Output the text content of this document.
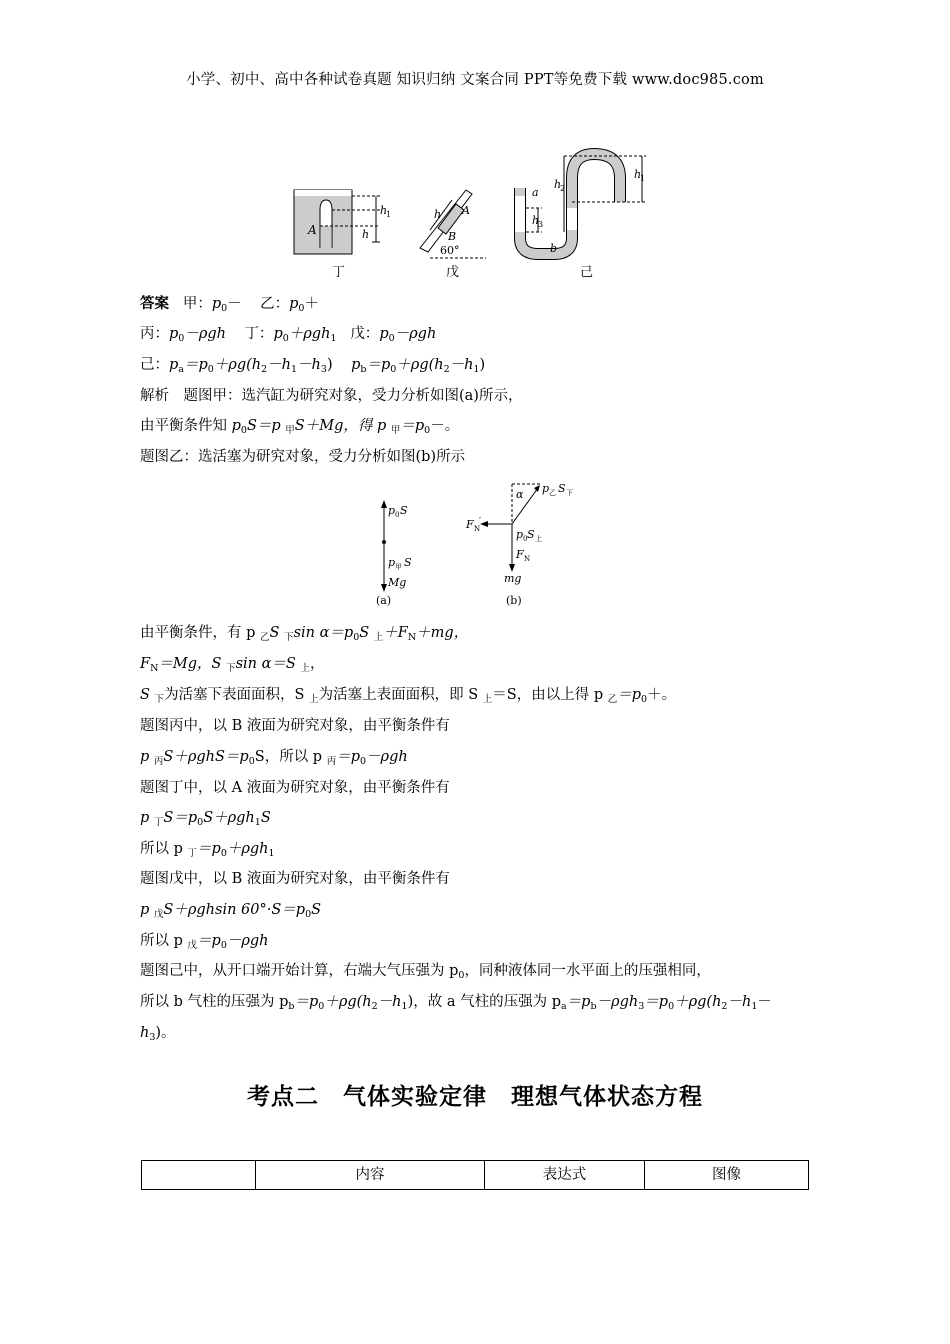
小学、初中、高中各种试卷真题 知识归纳 文案合同 PPT等免费下载 www.doc985.com
A
h
1
h
丁
h A
B
60°
戊
a
b
h
2
h
3
h
1
己
答案 甲：$p_0-$ 乙：$p_0+$
丙：$p_0-\rho gh$ 丁：$p_0+\rho gh_1$ 戊：$p_0-\rho gh$
己：$p_a=p_0+\rho g(h_2-h_1-h_3)$ $p_b=p_0+\rho g(h_2-h_1)$
解析　题图甲：选汽缸为研究对象，受力分析如图(a)所示，
由平衡条件知 $p_0S=p$ $_甲$S＋Mg，得 p $_甲=p_0-$。
题图乙：选活塞为研究对象，受力分析如图(b)所示
p 0 S
p 甲 S
Mg
(a)
F N
′
α p 乙 S 下
p 0 S 上
F N
mg
(b)
由平衡条件，有 p $_乙$S $_下$sin $\alpha=p_0S$ $_上+F_N+mg$，
$F_N=Mg$，S $_下$sin α＝S $_上$，
S $_下$为活塞下表面面积，S $_上$为活塞上表面面积，即 S $_上$＝S，由以上得 p $_乙=p_0+$。
题图丙中，以 B 液面为研究对象，由平衡条件有
p $_丙S+\rho ghS=p_0S$，所以 p $_丙=p_0-\rho gh$
题图丁中，以 A 液面为研究对象，由平衡条件有
p $_丁S=p_0S+\rho gh_1S$
所以 p $_丁=p_0+\rho gh_1$
题图戊中，以 B 液面为研究对象，由平衡条件有
p $_戊$S＋ρghsin $60^\circ\cdot S=p_0S$
所以 p $_戊=p_0-\rho gh$
题图己中，从开口端开始计算，右端大气压强为 $p_0$，同种液体同一水平面上的压强相同，
所以 b 气柱的压强为 $p_b=p_0+\rho g(h_2-h_1)$，故 a 气柱的压强为 $p_a=p_b-\rho gh_3=p_0+\rho g(h_2-h_1-$
$h_3$)。
考点二　气体实验定律　理想气体状态方程
	内容	表达式	图像
